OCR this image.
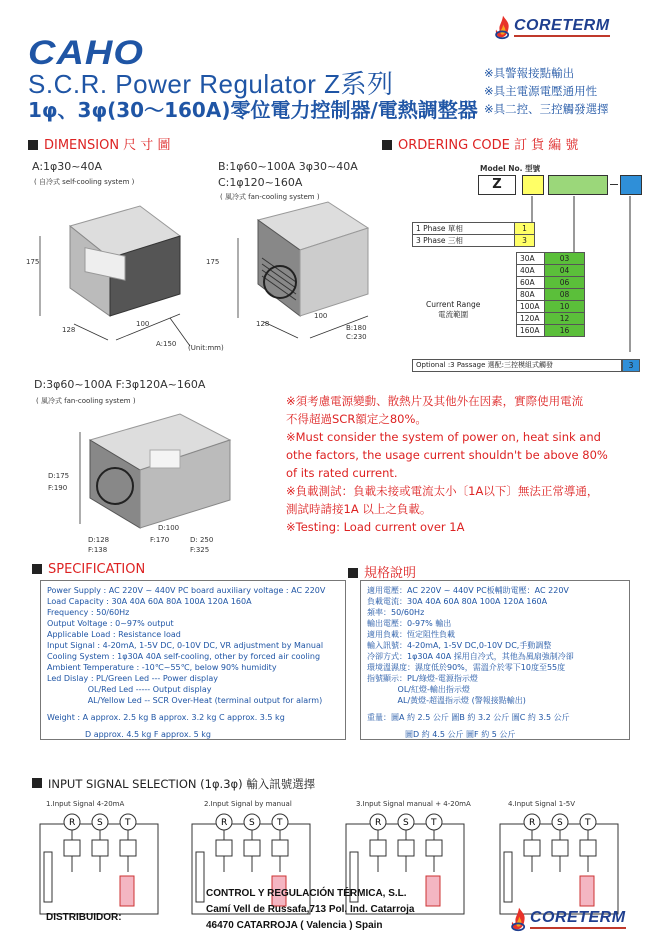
CAHO
CORETERM
S.C.R. Power Regulator Z系列
1φ、3φ(30～160A)零位電力控制器/電熱調整器
※具警報接點輸出
※具主電源電壓通用性
※具二控、三控觸發選擇
DIMENSION 尺 寸 圖	ORDERING CODE 訂 貨 編 號
A:1φ30~40A
( 自冷式 self-cooling system )
B:1φ60~100A 3φ30~40A
C:1φ120~160A
( 風冷式 fan-cooling system )
175
128
100
A:150 (Unit:mm)
175
128
100
B:180
C:230
Model No. 型號
Z
1 Phase 單相	1
3 Phase 三相	3
Current Range
電流範圍
30A	03
40A	04
60A	06
80A	08
100A	10
120A	12
160A	16
Optional :3 Passage 選配:三控模組式觸發	3
D:3φ60~100A F:3φ120A~160A
( 風冷式 fan-cooling system )
D:175
F:190
D:128
F:138
D:100
F:170	D: 250
F:325
※須考慮電源變動、散熱片及其他外在因素，實際使用電流
不得超過SCR額定之80%。
※Must consider the system of power on, heat sink and
othe factors, the usage current shouldn't be above 80%
of its rated current.
※負載測試：負載未接或電流太小〔1A以下〕無法正常導通，
測試時請接1A 以上之負載。
※Testing: Load current over 1A
SPECIFICATION	規格說明
Power Supply : AC 220V ~ 440V PC board auxiliary voltage : AC 220V
Load Capacity : 30A 40A 60A 80A 100A 120A 160A
Frequency : 50/60Hz
Output Voltage : 0~97% output
Applicable Load : Resistance load
Input Signal : 4-20mA, 1-5V DC, 0-10V DC, VR adjustment by Manual
Cooling System : 1φ30A 40A self-cooling, other by forced air cooling
Ambient Temperature : -10℃~55℃, below 90% humidity
Led Dislay : PL/Green Led --- Power display
OL/Red Led ----- Output display
AL/Yellow Led -- SCR Over-Heat (terminal output for alarm)
Weight : A approx. 2.5 kg B approx. 3.2 kg C approx. 3.5 kg
D approx. 4.5 kg F approx. 5 kg
適用電壓：AC 220V ~ 440V PC板輔助電壓：AC 220V
負載電流：30A 40A 60A 80A 100A 120A 160A
頻率：50/60Hz
輸出電壓：0-97% 輸出
適用負載：恆定阻性負載
輸入訊號：4-20mA, 1-5V DC,0-10V DC,手動調整
冷卻方式：1φ30A 40A 採用自冷式，其他為風扇強制冷卻
環境溫濕度：濕度低於90%，需溫介於零下10度至55度
指號顯示：PL/綠燈-電源指示燈
OL/紅燈-輸出指示燈
AL/黃燈-超溫指示燈 (警報接點輸出)
重量：圖A 約 2.5 公斤 圖B 約 3.2 公斤 圖C 約 3.5 公斤
圖D 約 4.5 公斤 圖F 約 5 公斤
INPUT SIGNAL SELECTION (1φ.3φ) 輸入訊號選擇
1.Input Signal 4-20mA	2.Input Signal by manual	3.Input Signal manual + 4-20mA	4.Input Signal 1-5V
R S T
DISTRIBUIDOR:
CONTROL Y REGULACIÓN TÉRMICA, S.L.
Camí Vell de Russafa,713 Pol. Ind. Catarroja
46470 CATARROJA ( Valencia ) Spain	CORETERM
